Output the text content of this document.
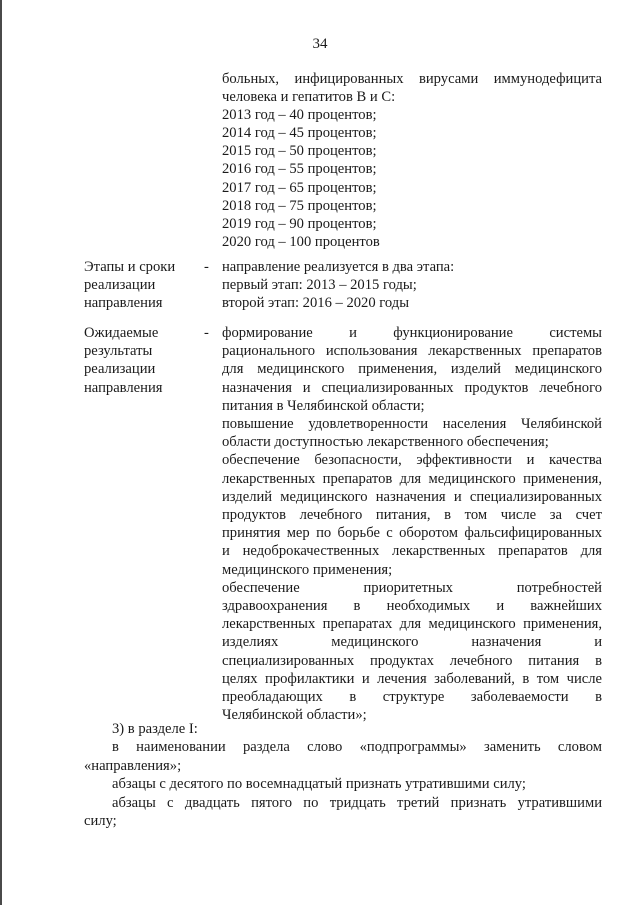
34
больных, инфицированных вирусами иммунодефицита
человека и гепатитов В и С:
2013 год – 40 процентов;
2014 год – 45 процентов;
2015 год – 50 процентов;
2016 год – 55 процентов;
2017 год – 65 процентов;
2018 год – 75 процентов;
2019 год – 90 процентов;
2020 год – 100 процентов
Этапы и сроки
реализации
направления
- направление реализуется в два этапа:
первый этап: 2013 – 2015 годы;
второй этап: 2016 – 2020 годы
Ожидаемые
результаты
реализации
направления
- формирование и функционирование системы
рационального использования лекарственных препаратов
для медицинского применения, изделий медицинского
назначения и специализированных продуктов лечебного
питания в Челябинской области;
повышение удовлетворенности населения Челябинской
области доступностью лекарственного обеспечения;
обеспечение безопасности, эффективности и качества
лекарственных препаратов для медицинского применения,
изделий медицинского назначения и специализированных
продуктов лечебного питания, в том числе за счет
принятия мер по борьбе с оборотом фальсифицированных
и недоброкачественных лекарственных препаратов для
медицинского применения;
обеспечение приоритетных потребностей
здравоохранения в необходимых и важнейших
лекарственных препаратах для медицинского применения,
изделиях медицинского назначения и
специализированных продуктах лечебного питания в
целях профилактики и лечения заболеваний, в том числе
преобладающих в структуре заболеваемости в
Челябинской области»;
3) в разделе I:
в наименовании раздела слово «подпрограммы» заменить словом
«направления»;
абзацы с десятого по восемнадцатый признать утратившими силу;
абзацы с двадцать пятого по тридцать третий признать утратившими
силу;
